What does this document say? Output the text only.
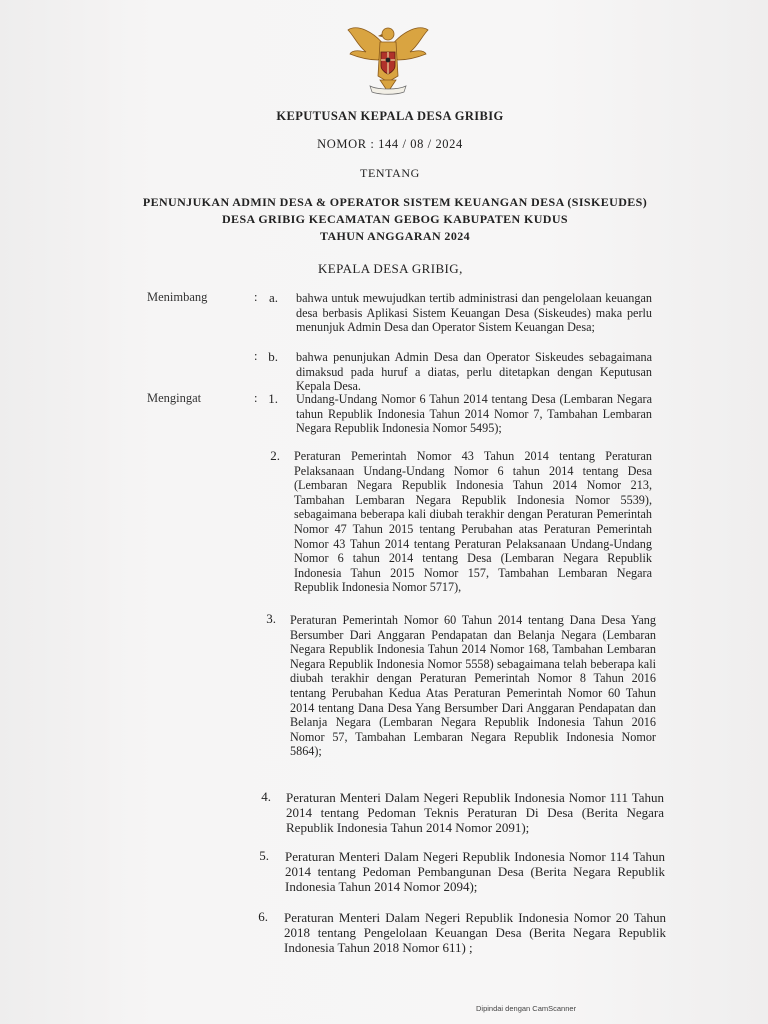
KEPUTUSAN KEPALA DESA GRIBIG
NOMOR : 144 / 08 / 2024
TENTANG
PENUNJUKAN ADMIN DESA & OPERATOR SISTEM KEUANGAN DESA (SISKEUDES)
DESA GRIBIG KECAMATAN GEBOG KABUPATEN KUDUS
TAHUN ANGGARAN 2024
KEPALA DESA GRIBIG,
Menimbang	: a. bahwa untuk mewujudkan tertib administrasi dan pengelolaan keuangan desa berbasis Aplikasi Sistem Keuangan Desa (Siskeudes) maka perlu menunjuk Admin Desa dan Operator Sistem Keuangan Desa;
: b. bahwa penunjukan Admin Desa dan Operator Siskeudes sebagaimana dimaksud pada huruf a diatas, perlu ditetapkan dengan Keputusan Kepala Desa.
Mengingat	: 1. Undang-Undang Nomor 6 Tahun 2014 tentang Desa (Lembaran Negara tahun Republik Indonesia Tahun 2014 Nomor 7, Tambahan Lembaran Negara Republik Indonesia Nomor 5495);
2. Peraturan Pemerintah Nomor 43 Tahun 2014 tentang Peraturan Pelaksanaan Undang-Undang Nomor 6 tahun 2014 tentang Desa (Lembaran Negara Republik Indonesia Tahun 2014 Nomor 213, Tambahan Lembaran Negara Republik Indonesia Nomor 5539), sebagaimana beberapa kali diubah terakhir dengan Peraturan Pemerintah Nomor 47 Tahun 2015 tentang Perubahan atas Peraturan Pemerintah Nomor 43 Tahun 2014 tentang Peraturan Pelaksanaan Undang-Undang Nomor 6 tahun 2014 tentang Desa (Lembaran Negara Republik Indonesia Tahun 2015 Nomor 157, Tambahan Lembaran Negara Republik Indonesia Nomor 5717),
3. Peraturan Pemerintah Nomor 60 Tahun 2014 tentang Dana Desa Yang Bersumber Dari Anggaran Pendapatan dan Belanja Negara (Lembaran Negara Republik Indonesia Tahun 2014 Nomor 168, Tambahan Lembaran Negara Republik Indonesia Nomor 5558) sebagaimana telah beberapa kali diubah terakhir dengan Peraturan Pemerintah Nomor 8 Tahun 2016 tentang Perubahan Kedua Atas Peraturan Pemerintah Nomor 60 Tahun 2014 tentang Dana Desa Yang Bersumber Dari Anggaran Pendapatan dan Belanja Negara (Lembaran Negara Republik Indonesia Tahun 2016 Nomor 57, Tambahan Lembaran Negara Republik Indonesia Nomor 5864);
4. Peraturan Menteri Dalam Negeri Republik Indonesia Nomor 111 Tahun 2014 tentang Pedoman Teknis Peraturan Di Desa (Berita Negara Republik Indonesia Tahun 2014 Nomor 2091);
5. Peraturan Menteri Dalam Negeri Republik Indonesia Nomor 114 Tahun 2014 tentang Pedoman Pembangunan Desa (Berita Negara Republik Indonesia Tahun 2014 Nomor 2094);
6. Peraturan Menteri Dalam Negeri Republik Indonesia Nomor 20 Tahun 2018 tentang Pengelolaan Keuangan Desa (Berita Negara Republik Indonesia Tahun 2018 Nomor 611) ;
Dipindai dengan CamScanner
